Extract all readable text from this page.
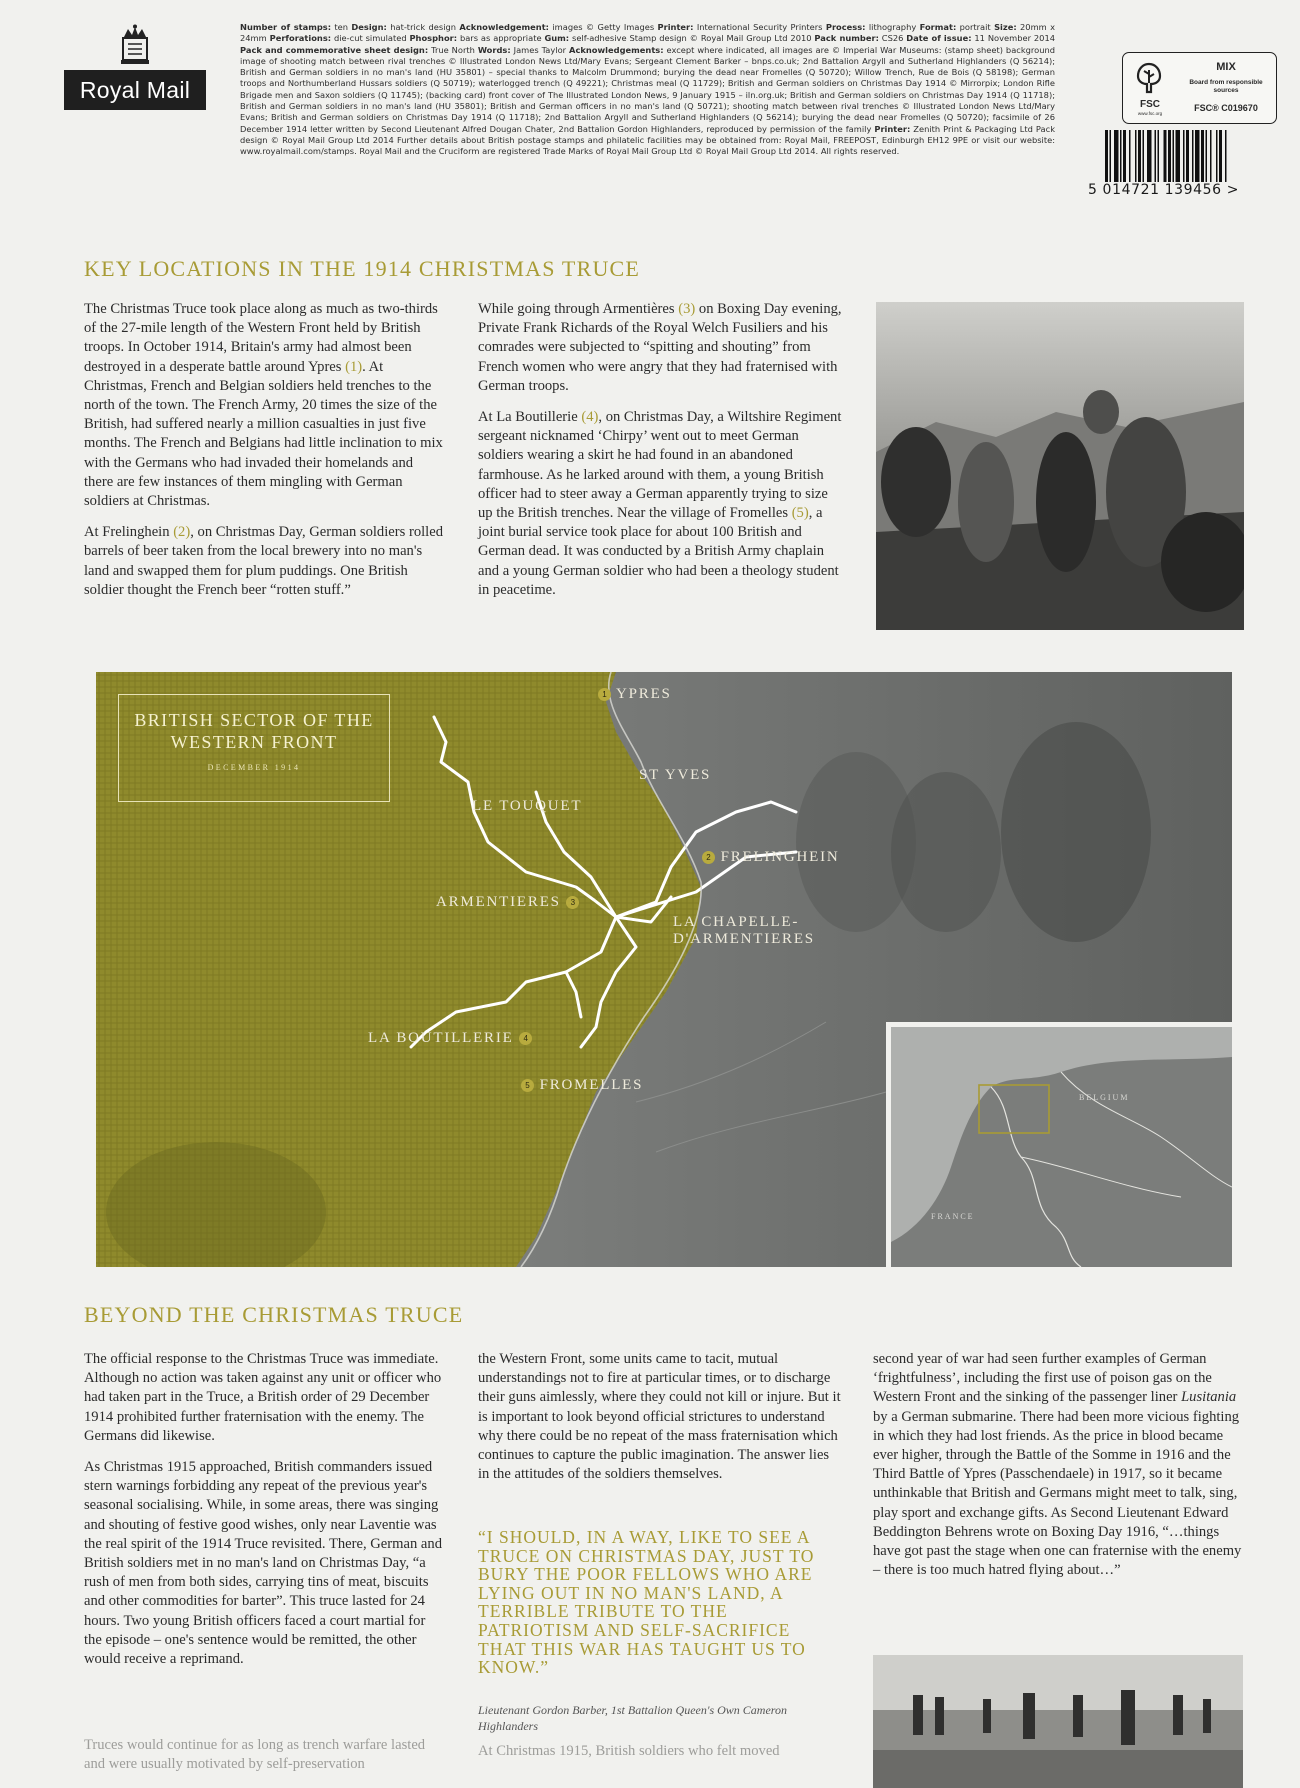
Royal Mail
Number of stamps: ten Design: hat-trick design Acknowledgement: images © Getty Images Printer: International Security Printers Process: lithography Format: portrait Size: 20mm x 24mm Perforations: die-cut simulated Phosphor: bars as appropriate Gum: self-adhesive Stamp design © Royal Mail Group Ltd 2010 Pack number: CS26 Date of issue: 11 November 2014 Pack and commemorative sheet design: True North Words: James Taylor Acknowledgements: except where indicated, all images are © Imperial War Museums: (stamp sheet) background image of shooting match between rival trenches © Illustrated London News Ltd/Mary Evans; Sergeant Clement Barker – bnps.co.uk; 2nd Battalion Argyll and Sutherland Highlanders (Q 56214); British and German soldiers in no man's land (HU 35801) – special thanks to Malcolm Drummond; burying the dead near Fromelles (Q 50720); Willow Trench, Rue de Bois (Q 58198); German troops and Northumberland Hussars soldiers (Q 50719); waterlogged trench (Q 49221); Christmas meal (Q 11729); British and German soldiers on Christmas Day 1914 © Mirrorpix; London Rifle Brigade men and Saxon soldiers (Q 11745); (backing card) front cover of The Illustrated London News, 9 January 1915 – iln.org.uk; British and German soldiers on Christmas Day 1914 (Q 11718); British and German soldiers in no man's land (HU 35801); British and German officers in no man's land (Q 50721); shooting match between rival trenches © Illustrated London News Ltd/Mary Evans; British and German soldiers on Christmas Day 1914 (Q 11718); 2nd Battalion Argyll and Sutherland Highlanders (Q 56214); burying the dead near Fromelles (Q 50720); facsimile of 26 December 1914 letter written by Second Lieutenant Alfred Dougan Chater, 2nd Battalion Gordon Highlanders, reproduced by permission of the family Printer: Zenith Print & Packaging Ltd Pack design © Royal Mail Group Ltd 2014 Further details about British postage stamps and philatelic facilities may be obtained from: Royal Mail, FREEPOST, Edinburgh EH12 9PE or visit our website: www.royalmail.com/stamps. Royal Mail and the Cruciform are registered Trade Marks of Royal Mail Group Ltd © Royal Mail Group Ltd 2014. All rights reserved.
FSC
www.fsc.org
MIX
Board from responsible sources
FSC® C019670
5 014721 139456 >
KEY LOCATIONS IN THE 1914 CHRISTMAS TRUCE

The Christmas Truce took place along as much as two-thirds of the 27-mile length of the Western Front held by British troops. In October 1914, Britain's army had almost been destroyed in a desperate battle around Ypres (1). At Christmas, French and Belgian soldiers held trenches to the north of the town. The French Army, 20 times the size of the British, had suffered nearly a million casualties in just five months. The French and Belgians had little inclination to mix with the Germans who had invaded their homelands and there are few instances of them mingling with German soldiers at Christmas.

At Frelinghein (2), on Christmas Day, German soldiers rolled barrels of beer taken from the local brewery into no man's land and swapped them for plum puddings. One British soldier thought the French beer “rotten stuff.”

While going through Armentières (3) on Boxing Day evening, Private Frank Richards of the Royal Welch Fusiliers and his comrades were subjected to “spitting and shouting” from French women who were angry that they had fraternised with German troops.

At La Boutillerie (4), on Christmas Day, a Wiltshire Regiment sergeant nicknamed ‘Chirpy’ went out to meet German soldiers wearing a skirt he had found in an abandoned farmhouse. As he larked around with them, a young British officer had to steer away a German apparently trying to size up the British trenches. Near the village of Fromelles (5), a joint burial service took place for about 100 British and German dead. It was conducted by a British Army chaplain and a young German soldier who had been a theology student in peacetime.

BRITISH SECTOR OF THE WESTERN FRONT
DECEMBER 1914
1 YPRES
ST YVES
LE TOUQUET
2 FRELINGHEIN
ARMENTIERES 3
LA CHAPELLE-
D'ARMENTIERES
LA BOUTILLERIE 4
5 FROMELLES
BELGIUM
FRANCE
BEYOND THE CHRISTMAS TRUCE

The official response to the Christmas Truce was immediate. Although no action was taken against any unit or officer who had taken part in the Truce, a British order of 29 December 1914 prohibited further fraternisation with the enemy. The Germans did likewise.

As Christmas 1915 approached, British commanders issued stern warnings forbidding any repeat of the previous year's seasonal socialising. While, in some areas, there was singing and shouting of festive good wishes, only near Laventie was the real spirit of the 1914 Truce revisited. There, German and British soldiers met in no man's land on Christmas Day, “a rush of men from both sides, carrying tins of meat, biscuits and other commodities for barter”. This truce lasted for 24 hours. Two young British officers faced a court martial for the episode – one's sentence would be remitted, the other would receive a reprimand.

the Western Front, some units came to tacit, mutual understandings not to fire at particular times, or to discharge their guns aimlessly, where they could not kill or injure. But it is important to look beyond official strictures to understand why there could be no repeat of the mass fraternisation which continues to capture the public imagination. The answer lies in the attitudes of the soldiers themselves.

“I SHOULD, IN A WAY, LIKE TO SEE A TRUCE ON CHRISTMAS DAY, JUST TO BURY THE POOR FELLOWS WHO ARE LYING OUT IN NO MAN'S LAND, A TERRIBLE TRIBUTE TO THE PATRIOTISM AND SELF-SACRIFICE THAT THIS WAR HAS TAUGHT US TO KNOW.”
Lieutenant Gordon Barber, 1st Battalion Queen's Own Cameron Highlanders
Truces would continue for as long as trench warfare lasted and were usually motivated by self-preservation
At Christmas 1915, British soldiers who felt moved

second year of war had seen further examples of German ‘frightfulness’, including the first use of poison gas on the Western Front and the sinking of the passenger liner Lusitania by a German submarine. There had been more vicious fighting in which they had lost friends. As the price in blood became ever higher, through the Battle of the Somme in 1916 and the Third Battle of Ypres (Passchendaele) in 1917, so it became unthinkable that British and Germans might meet to talk, sing, play sport and exchange gifts. As Second Lieutenant Edward Beddington Behrens wrote on Boxing Day 1916, “…things have got past the stage when one can fraternise with the enemy – there is too much hatred flying about…”
